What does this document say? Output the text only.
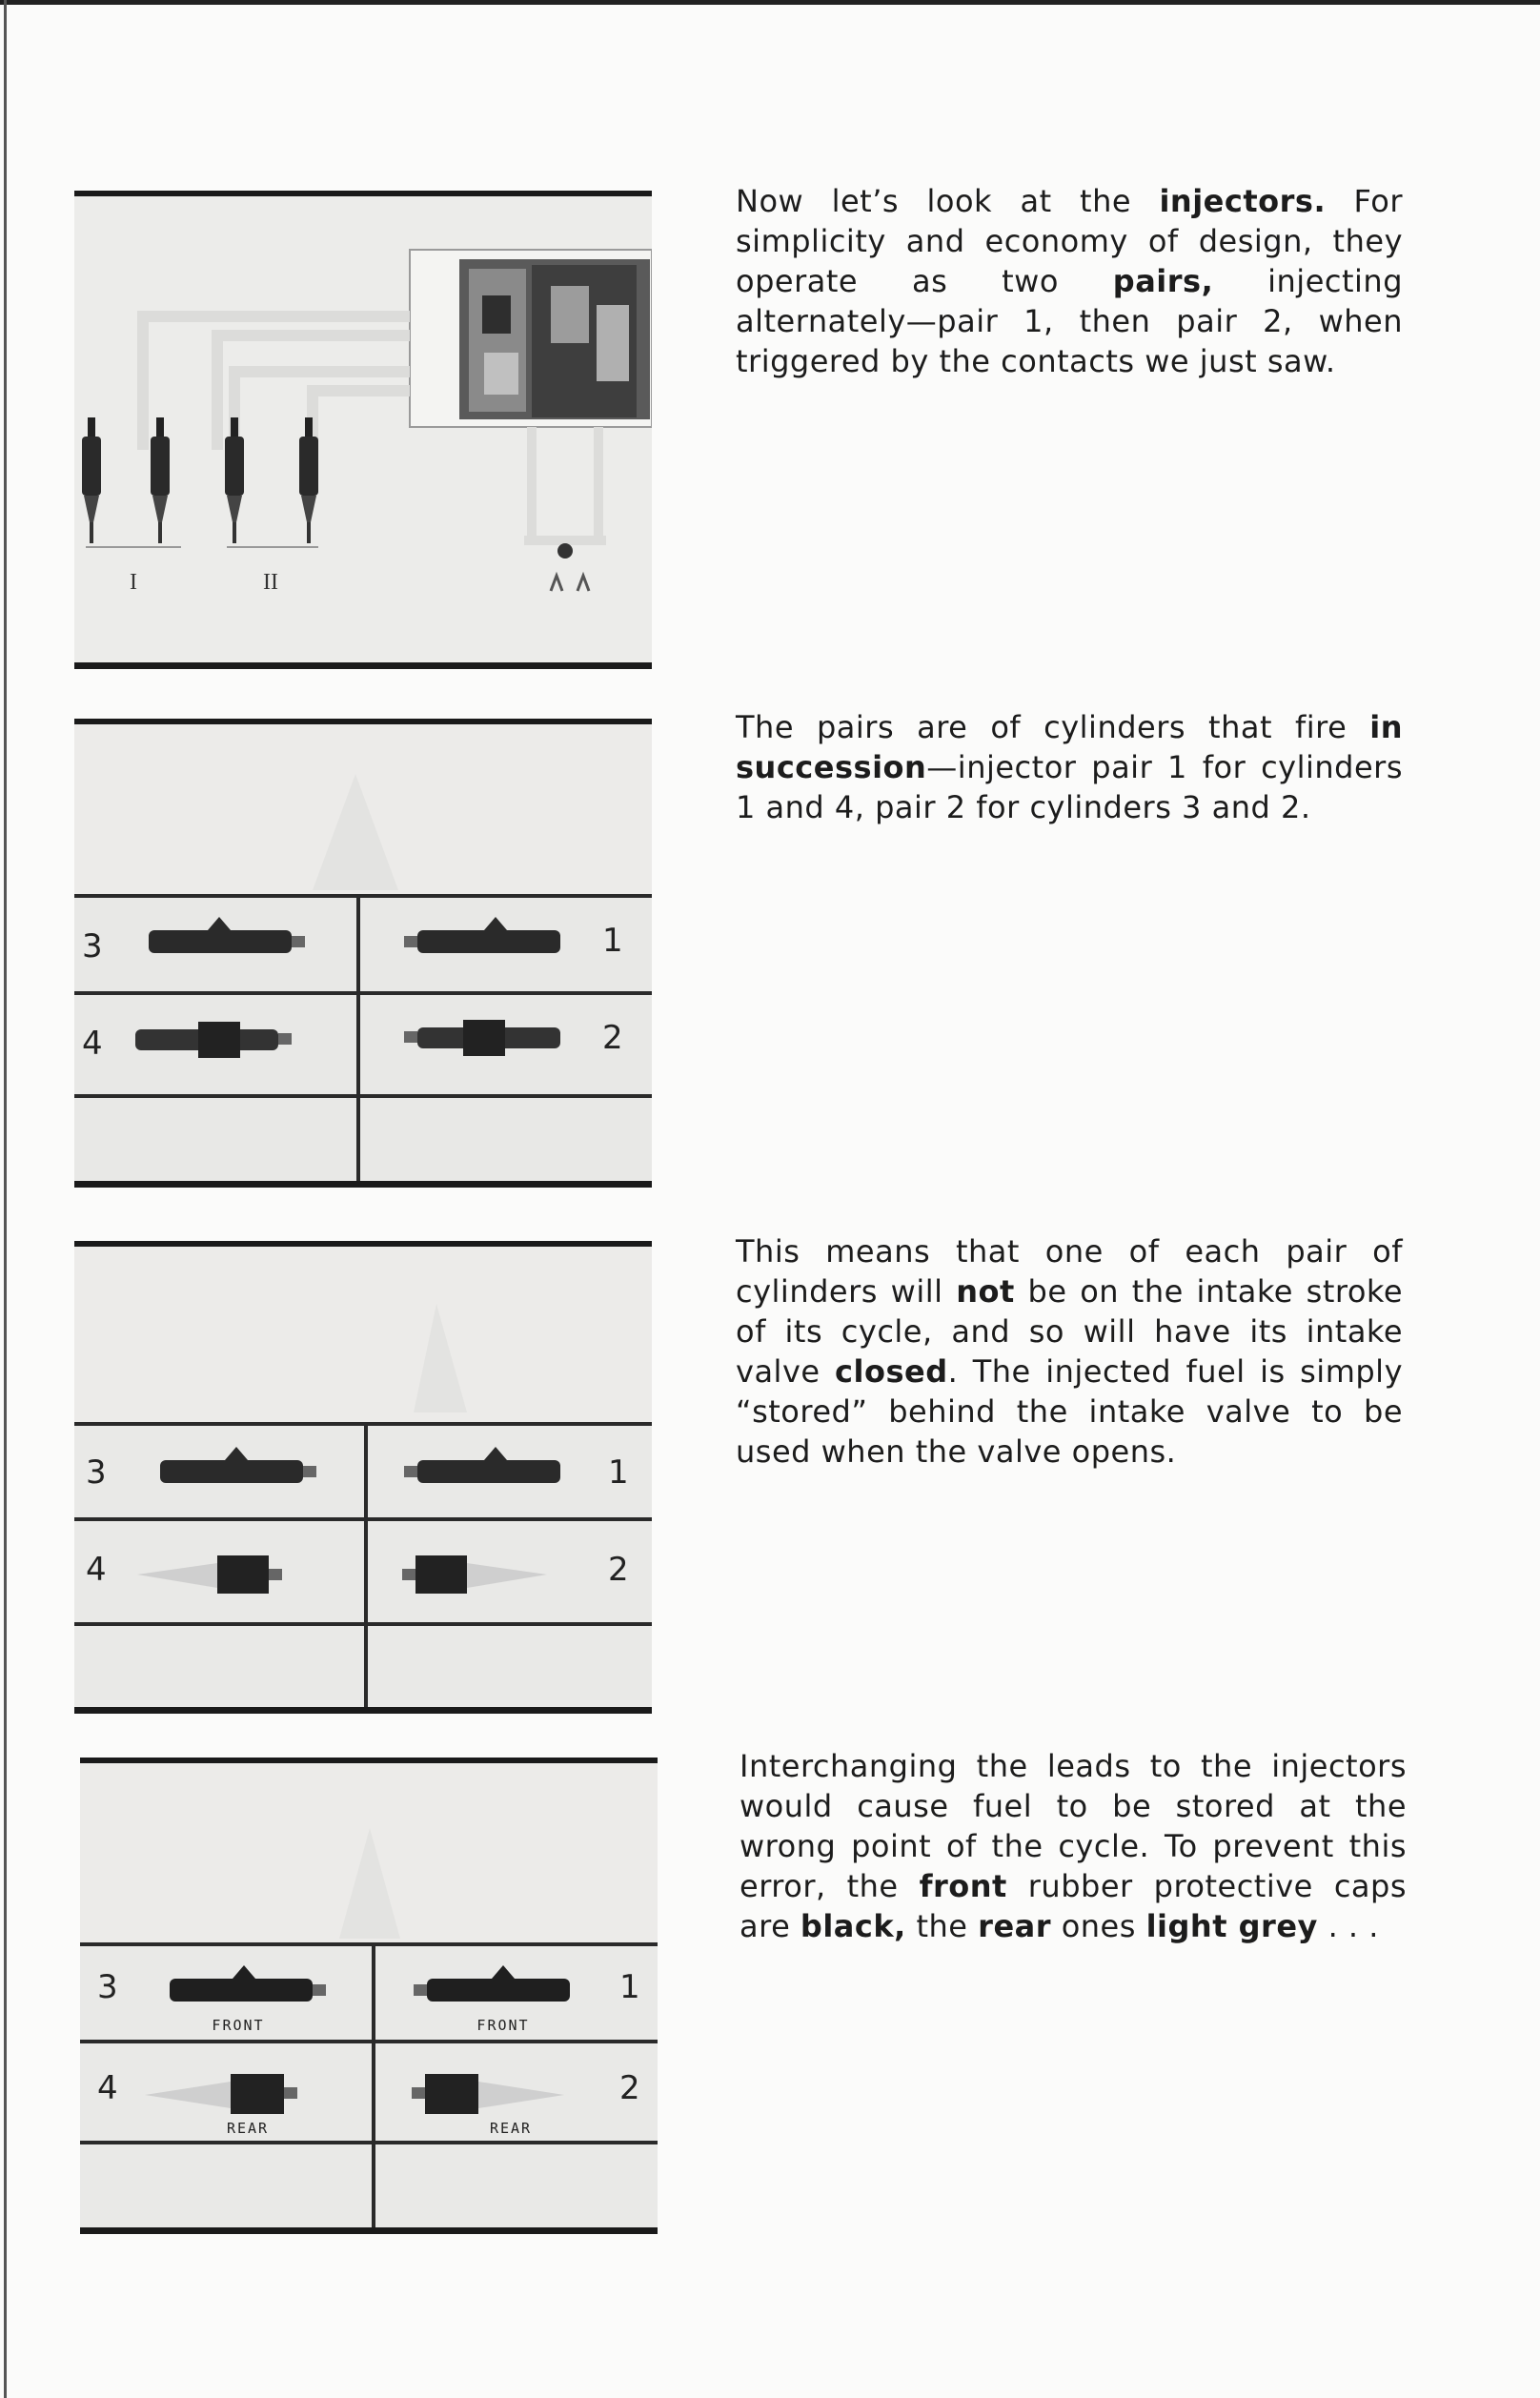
I	II
Now let’s look at the injectors. For simplicity and economy of design, they operate as two pairs, injecting alternately—pair 1, then pair 2, when triggered by the contacts we just saw.
3	1
4	2
The pairs are of cylinders that fire in succession—injector pair 1 for cylinders 1 and 4, pair 2 for cylinders 3 and 2.
3	1
4	2
This means that one of each pair of cylinders will not be on the intake stroke of its cycle, and so will have its intake valve closed. The injected fuel is simply “stored” behind the intake valve to be used when the valve opens.
3	1
4	2
FRONT	FRONT
REAR	REAR
Interchanging the leads to the injectors would cause fuel to be stored at the wrong point of the cycle. To prevent this error, the front rubber protective caps are black, the rear ones light grey . . .
